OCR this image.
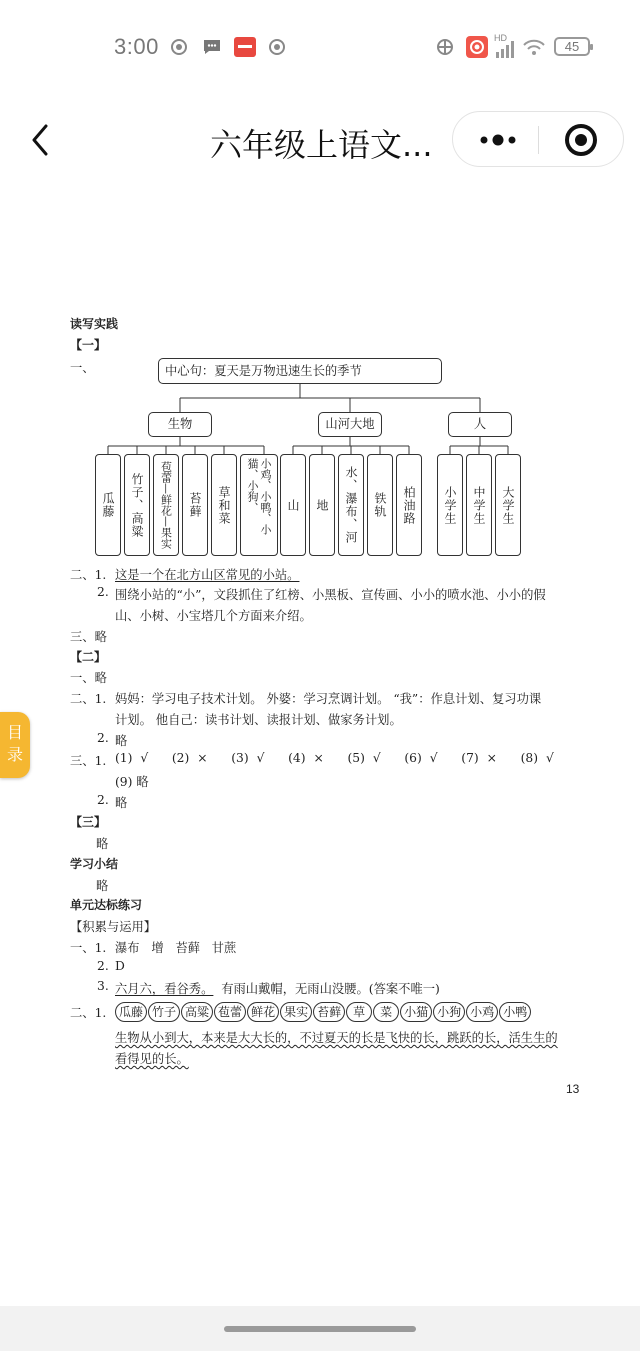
3:00	HD
45
六年级上语文...
目
录
读写实践
【一】
一、	中心句：夏天是万物迅速生长的季节
生物	山河大地	人
瓜藤 竹子、高粱 苞蕾—鲜花—果实 苔藓 草和菜	小鸡、小鸭、小猫、小狗、	山 地 水、瀑布、河 铁轨 柏油路 小学生 中学生 大学生
二、1. 这是一个在北方山区常见的小站。
2. 围绕小站的“小”，文段抓住了红榜、小黑板、宣传画、小小的喷水池、小小的假
山、小树、小宝塔几个方面来介绍。
三、略
【二】
一、略
二、1. 妈妈：学习电子技术计划。 外婆：学习烹调计划。 “我”：作息计划、复习功课
计划。 他自己：读书计划、读报计划、做家务计划。
2. 略
三、1. (1) √   (2) ×   (3) √   (4) ×   (5) √   (6) √   (7) ×   (8) √
(9) 略
2. 略
【三】
略
学习小结
略
单元达标练习
【积累与运用】
一、1. 瀑布   增   苔藓   甘蔗
2. D
3. 六月六，看谷秀。  有雨山戴帽，无雨山没腰。(答案不唯一)
二、1.	瓜藤 竹子 高粱 苞蕾 鲜花 果实 苔藓 草 菜 小猫 小狗 小鸡 小鸭
生物从小到大，本来是大大长的，不过夏天的长是飞快的长，跳跃的长，活生生的
看得见的长。
13
